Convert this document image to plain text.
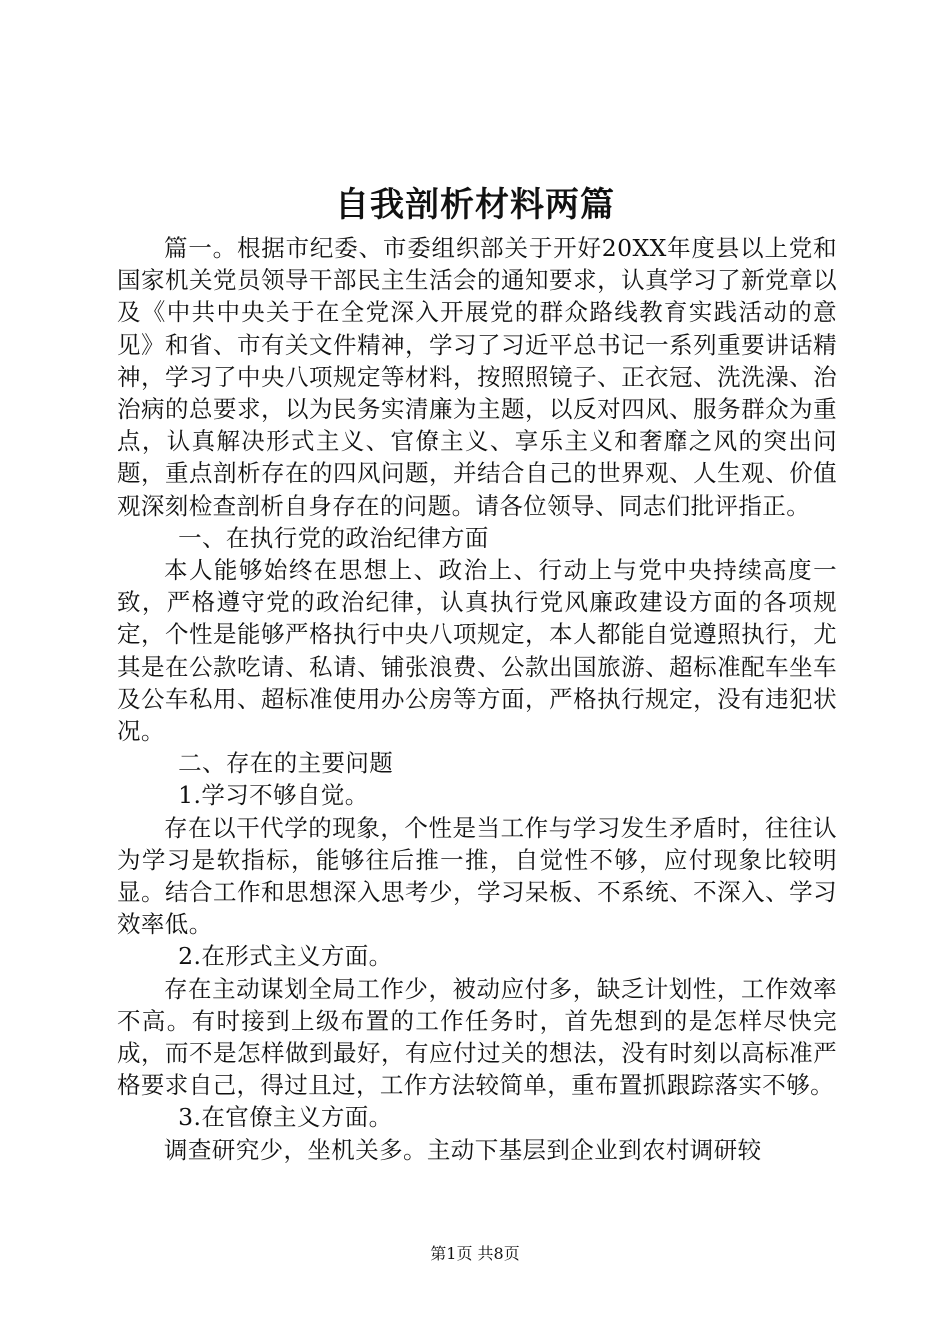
自我剖析材料两篇

篇一。根据市纪委、市委组织部关于开好20XX年度县以上党和国家机关党员领导干部民主生活会的通知要求，认真学习了新党章以及《中共中央关于在全党深入开展党的群众路线教育实践活动的意见》和省、市有关文件精神，学习了习近平总书记一系列重要讲话精神，学习了中央八项规定等材料，按照照镜子、正衣冠、洗洗澡、治治病的总要求，以为民务实清廉为主题，以反对四风、服务群众为重点，认真解决形式主义、官僚主义、享乐主义和奢靡之风的突出问题，重点剖析存在的四风问题，并结合自己的世界观、人生观、价值观深刻检查剖析自身存在的问题。请各位领导、同志们批评指正。

一、在执行党的政治纪律方面

本人能够始终在思想上、政治上、行动上与党中央持续高度一致，严格遵守党的政治纪律，认真执行党风廉政建设方面的各项规定，个性是能够严格执行中央八项规定，本人都能自觉遵照执行，尤其是在公款吃请、私请、铺张浪费、公款出国旅游、超标准配车坐车及公车私用、超标准使用办公房等方面，严格执行规定，没有违犯状况。

二、存在的主要问题

1.学习不够自觉。

存在以干代学的现象，个性是当工作与学习发生矛盾时，往往认为学习是软指标，能够往后推一推，自觉性不够，应付现象比较明显。结合工作和思想深入思考少，学习呆板、不系统、不深入、学习效率低。

2.在形式主义方面。

存在主动谋划全局工作少，被动应付多，缺乏计划性，工作效率不高。有时接到上级布置的工作任务时，首先想到的是怎样尽快完成，而不是怎样做到最好，有应付过关的想法，没有时刻以高标准严格要求自己，得过且过，工作方法较简单，重布置抓跟踪落实不够。

3.在官僚主义方面。

调查研究少，坐机关多。主动下基层到企业到农村调研较

第1页 共8页
